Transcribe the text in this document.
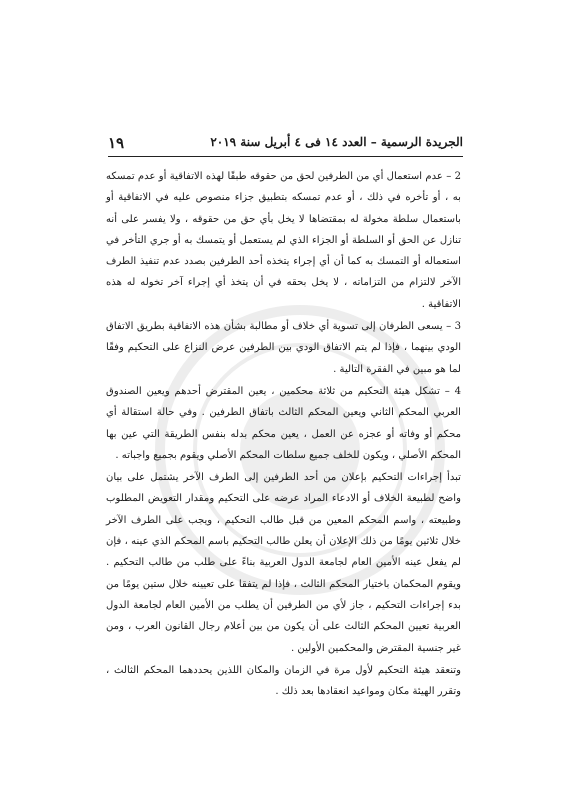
١٩	الجريدة الرسمية – العدد ١٤ فى ٤ أبريل سنة ٢٠١٩

2 – عدم استعمال أي من الطرفين لحق من حقوقه طبقًا لهذه الاتفاقية أو عدم تمسكه به ، أو تأخره في ذلك ، أو عدم تمسكه بتطبيق جزاء منصوص عليه في الاتفاقية أو باستعمال سلطة مخولة له بمقتضاها لا يخل بأي حق من حقوقه ، ولا يفسر على أنه تنازل عن الحق أو السلطة أو الجزاء الذي لم يستعمل أو يتمسك به أو جري التأخر في استعماله أو التمسك به كما أن أي إجراء يتخذه أحد الطرفين بصدد عدم تنفيذ الطرف الآخر لالتزام من التزاماته ، لا يخل بحقه في أن يتخذ أي إجراء آخر تخوله له هذه الاتفاقية .

3 – يسعى الطرفان إلى تسوية أي خلاف أو مطالبة بشأن هذه الاتفاقية بطريق الاتفاق الودي بينهما ، فإذا لم يتم الاتفاق الودي بين الطرفين عرض النزاع على التحكيم وفقًا لما هو مبين في الفقرة التالية .

4 – تشكل هيئة التحكيم من ثلاثة محكمين ، يعين المقترض أحدهم ويعين الصندوق العربي المحكم الثاني ويعين المحكم الثالث باتفاق الطرفين . وفي حالة استقالة أي محكم أو وفاته أو عجزه عن العمل ، يعين محكم بدله بنفس الطريقة التي عين بها المحكم الأصلي ، ويكون للخلف جميع سلطات المحكم الأصلي ويقوم بجميع واجباته .

تبدأ إجراءات التحكيم بإعلان من أحد الطرفين إلى الطرف الآخر يشتمل على بيان واضح لطبيعة الخلاف أو الادعاء المراد عرضه على التحكيم ومقدار التعويض المطلوب وطبيعته ، واسم المحكم المعين من قبل طالب التحكيم ، ويجب على الطرف الآخر خلال ثلاثين يومًا من ذلك الإعلان أن يعلن طالب التحكيم باسم المحكم الذي عينه ، فإن لم يفعل عينه الأمين العام لجامعة الدول العربية بناءً على طلب من طالب التحكيم . ويقوم المحكمان باختيار المحكم الثالث ، فإذا لم يتفقا على تعيينه خلال ستين يومًا من بدء إجراءات التحكيم ، جاز لأي من الطرفين أن يطلب من الأمين العام لجامعة الدول العربية تعيين المحكم الثالث على أن يكون من بين أعلام رجال القانون العرب ، ومن غير جنسية المقترض والمحكمين الأولين .

وتنعقد هيئة التحكيم لأول مرة في الزمان والمكان اللذين يحددهما المحكم الثالث ، وتقرر الهيئة مكان ومواعيد انعقادها بعد ذلك .
